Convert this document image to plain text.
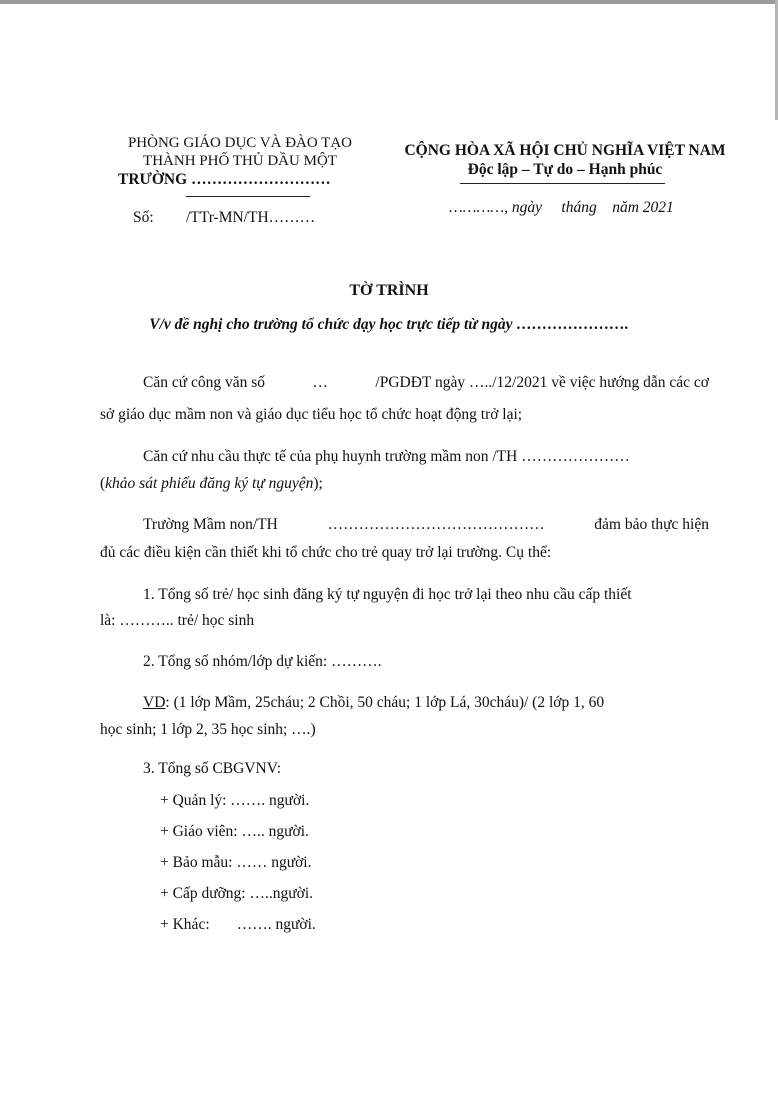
PHÒNG GIÁO DỤC VÀ ĐÀO TẠO
THÀNH PHỐ THỦ DẦU MỘT
TRƯỜNG ………………………
Số: /TTr-MN/TH………
CỘNG HÒA XÃ HỘI CHỦ NGHĨA VIỆT NAM
Độc lập – Tự do – Hạnh phúc
…………, ngày tháng năm 2021
TỜ TRÌNH
V/v đề nghị cho trường tổ chức dạy học trực tiếp từ ngày ………………….
Căn cứ công văn số	…	/PGDĐT ngày …../12/2021 về việc hướng dẫn các cơ
sở giáo dục mầm non và giáo dục tiểu học tổ chức hoạt động trở lại;
Căn cứ nhu cầu thực tế của phụ huynh trường mầm non /TH …………………
(khảo sát phiếu đăng ký tự nguyện);
Trường Mầm non/TH	……………………………………	đảm bảo thực hiện
đủ các điều kiện cần thiết khi tổ chức cho trẻ quay trở lại trường. Cụ thể:
1. Tổng số trẻ/ học sinh đăng ký tự nguyện đi học trở lại theo nhu cầu cấp thiết
là: ……….. trẻ/ học sinh
2. Tổng số nhóm/lớp dự kiến: ……….
VD: (1 lớp Mầm, 25cháu; 2 Chồi, 50 cháu; 1 lớp Lá, 30cháu)/ (2 lớp 1, 60
học sinh; 1 lớp 2, 35 học sinh; ….)
3. Tổng số CBGVNV:
+ Quản lý: ……. người.
+ Giáo viên: ….. người.
+ Bảo mẫu: …… người.
+ Cấp dưỡng: …..người.
+ Khác:       ……. người.
